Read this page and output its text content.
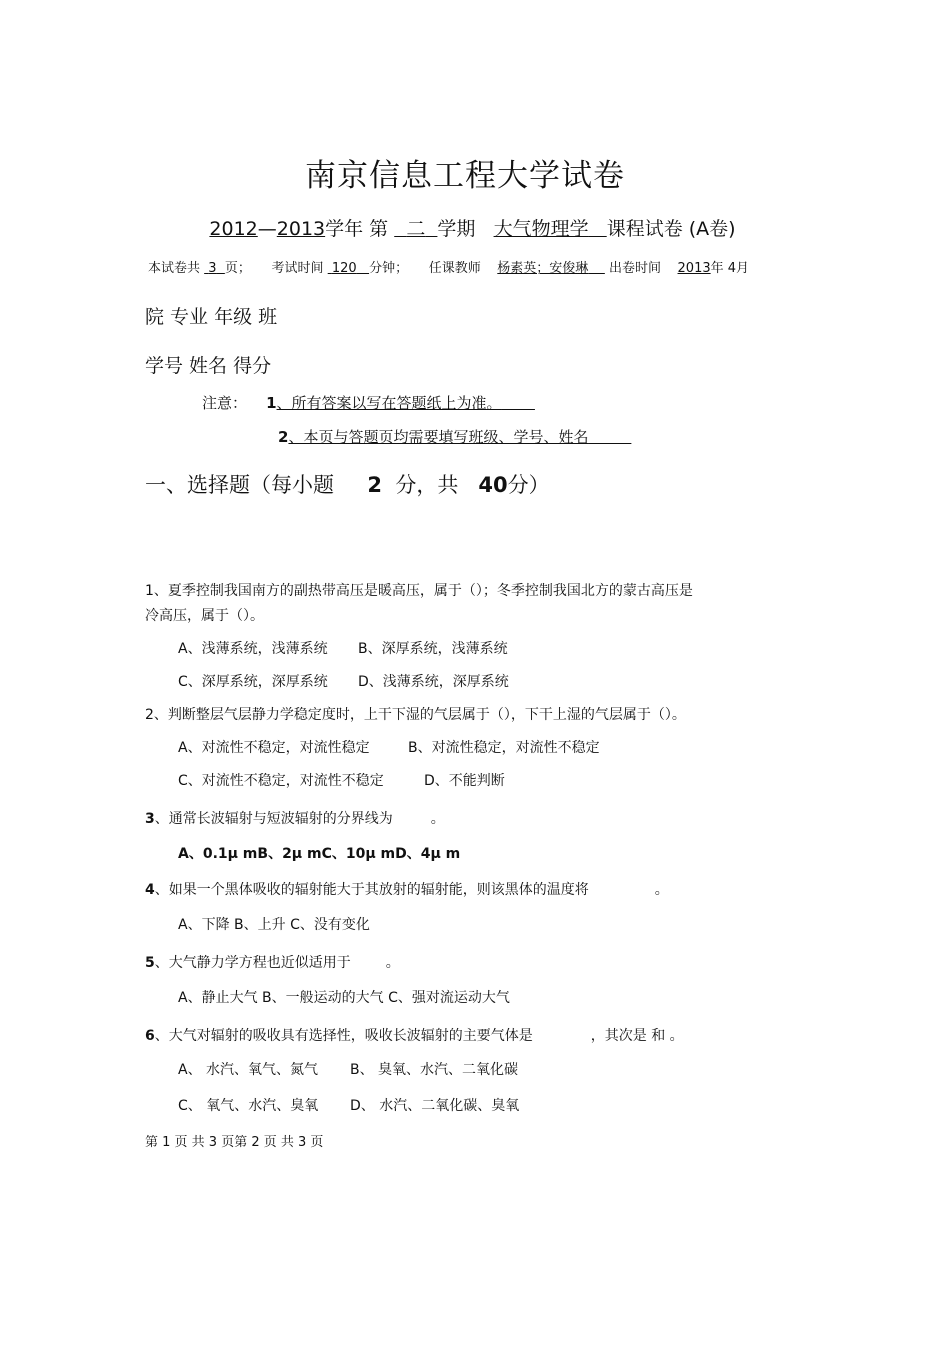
南京信息工程大学试卷
2012—2013学年 第 二 学期 大气物理学 课程试卷 (A卷)
本试卷共 3 页； 考试时间 120 分钟； 任课教师 杨素英；安俊琳 出卷时间 2013年 4月
院 专业 年级 班
学号 姓名 得分
注意： 1、所有答案以写在答题纸上为准。
2、本页与答题页均需要填写班级、学号、姓名
一、选择题（每小题 2 分，共 40分）
1、夏季控制我国南方的副热带高压是暖高压，属于（）；冬季控制我国北方的蒙古高压是
冷高压，属于（）。
A、浅薄系统，浅薄系统 B、深厚系统，浅薄系统
C、深厚系统，深厚系统 D、浅薄系统，深厚系统
2、判断整层气层静力学稳定度时，上干下湿的气层属于（），下干上湿的气层属于（）。
A、对流性不稳定，对流性稳定	B、对流性稳定，对流性不稳定
C、对流性不稳定，对流性不稳定	D、不能判断
3、通常长波辐射与短波辐射的分界线为	。
A、0.1μ mB、2μ mC、10μ mD、4μ m
4、如果一个黑体吸收的辐射能大于其放射的辐射能，则该黑体的温度将	。
A、下降 B、上升 C、没有变化
5、大气静力学方程也近似适用于	。
A、静止大气 B、一般运动的大气 C、强对流运动大气
6、大气对辐射的吸收具有选择性，吸收长波辐射的主要气体是	，其次是 和 。
A、 水汽、氧气、氮气 B、 臭氧、水汽、二氧化碳
C、 氧气、水汽、臭氧 D、 水汽、二氧化碳、臭氧
第 1 页 共 3 页第 2 页 共 3 页
